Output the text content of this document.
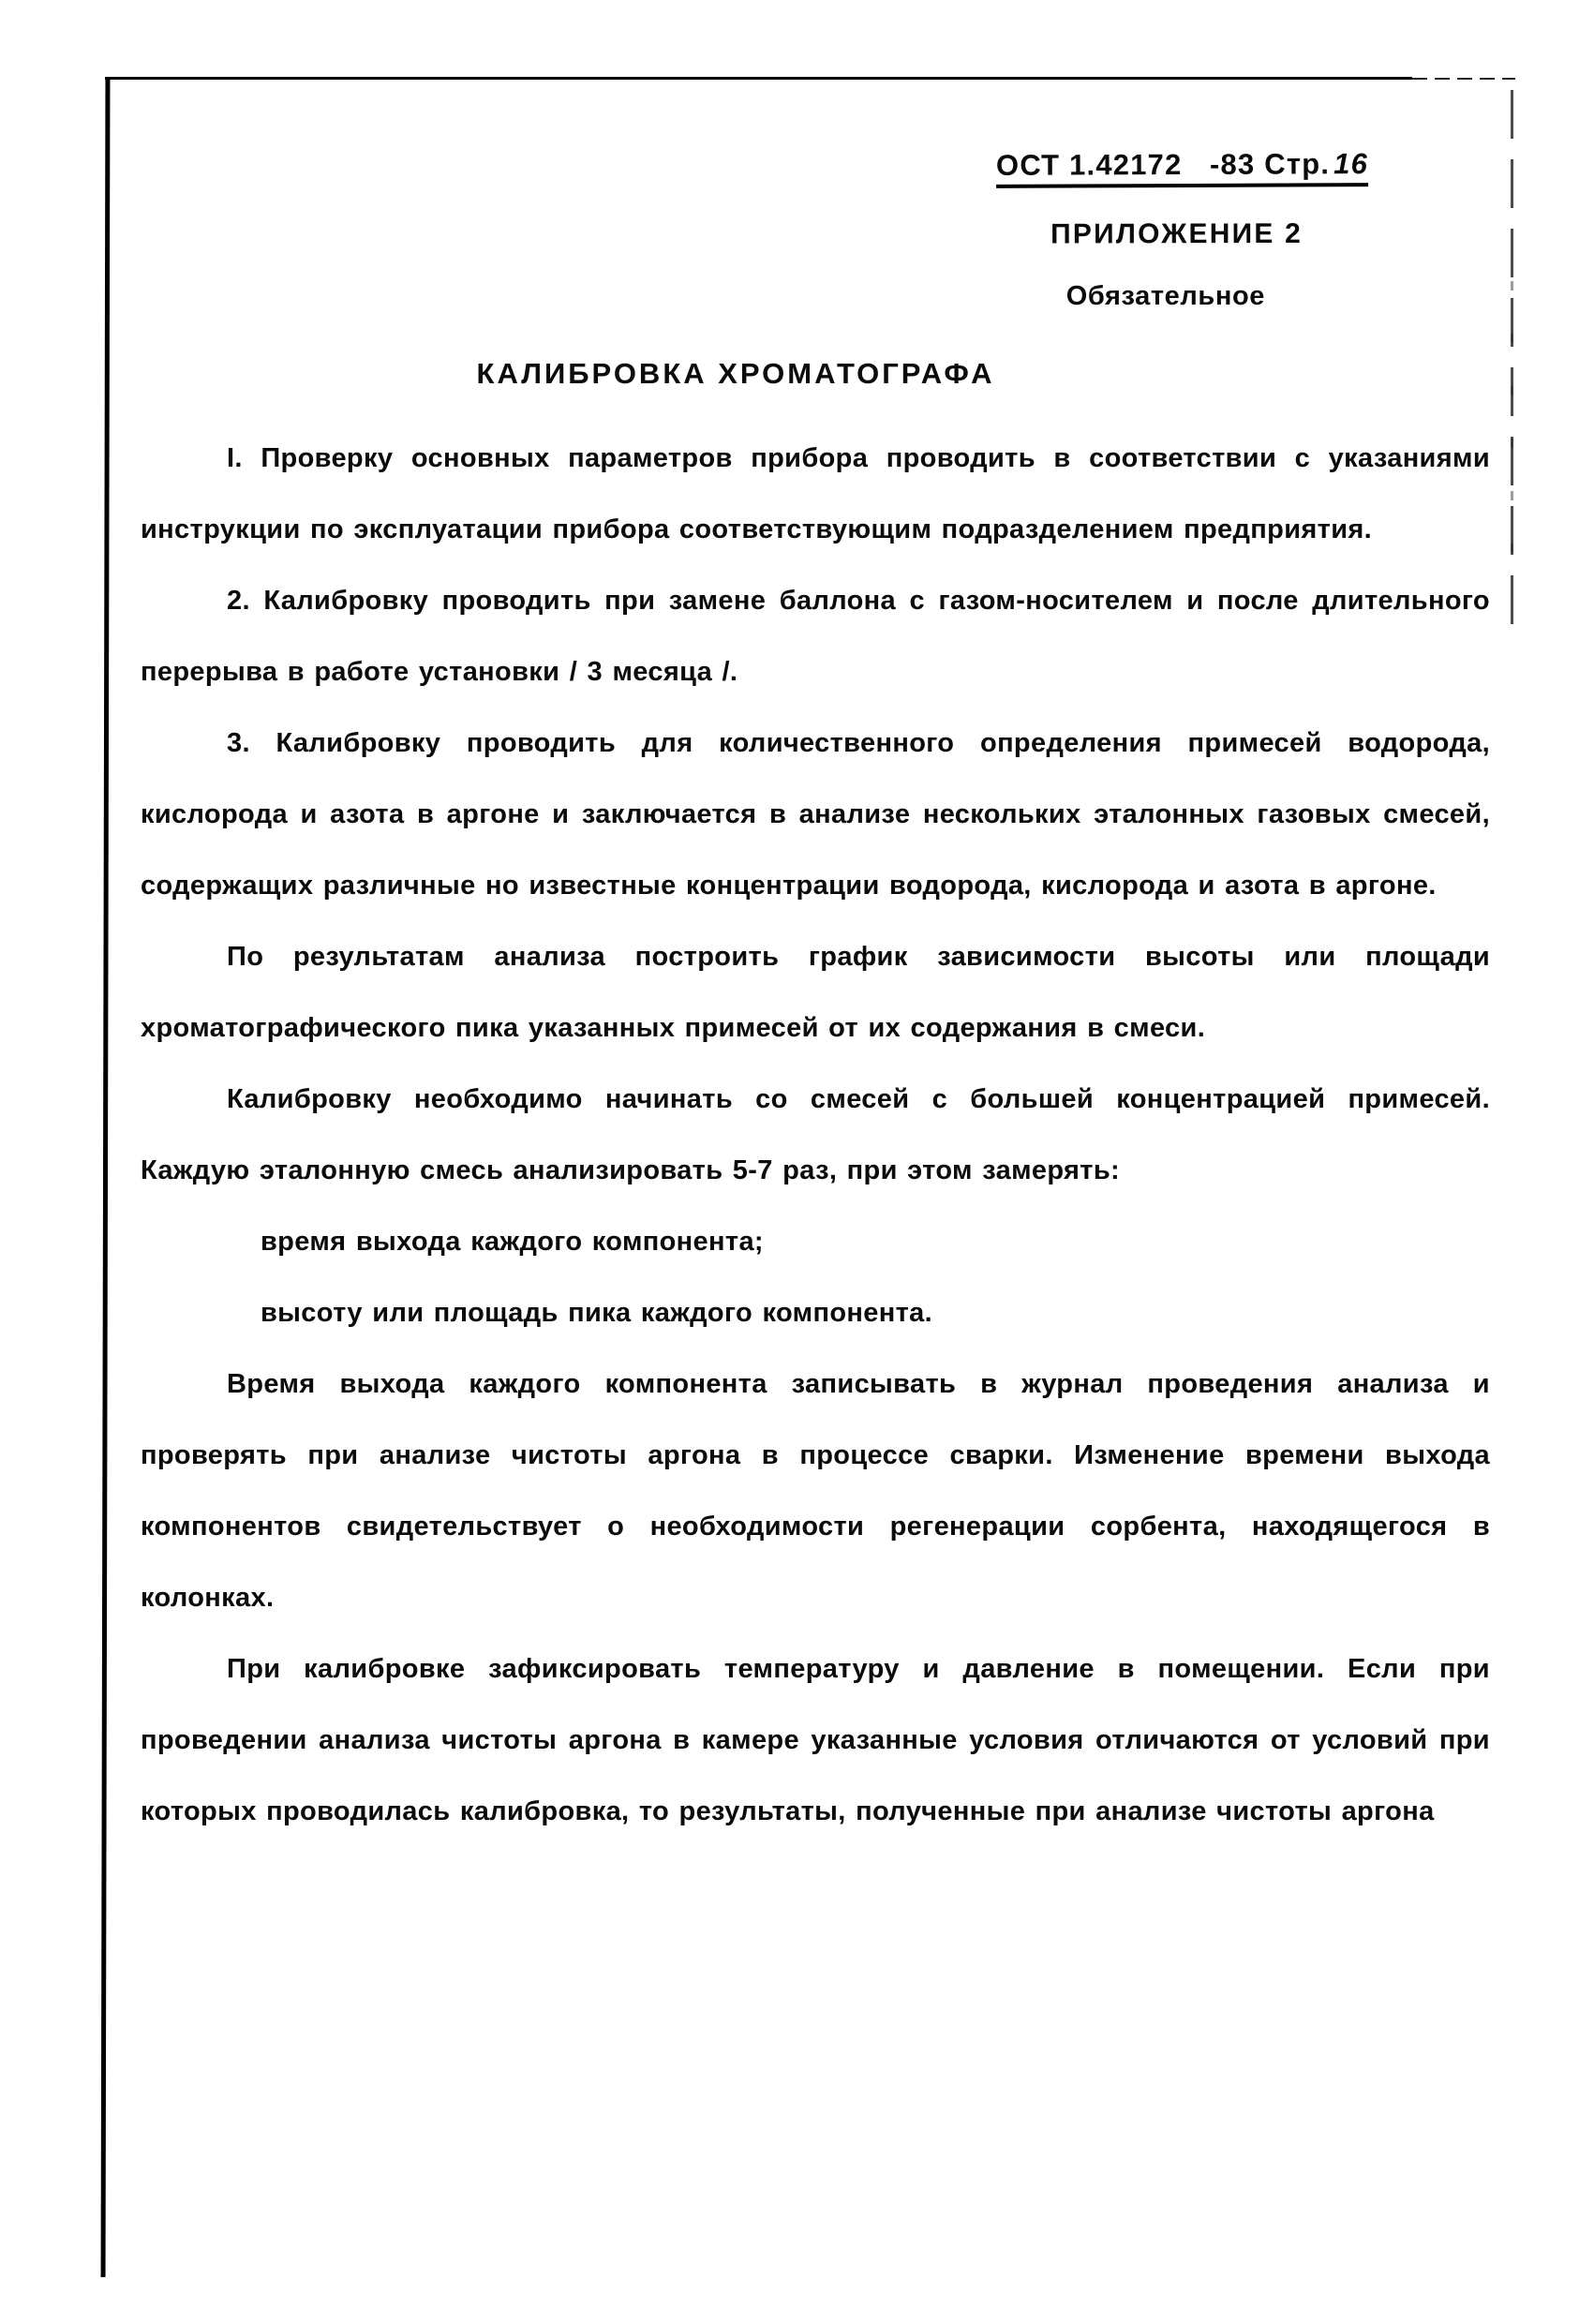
ОСТ 1.42172 -83 Стр. 16
ПРИЛОЖЕНИЕ 2
Обязательное
КАЛИБРОВКА ХРОМАТОГРАФА

I. Проверку основных параметров прибора проводить в соответствии с указаниями инструкции по эксплуатации прибора соответствующим подразделением предприятия.

2. Калибровку проводить при замене баллона с газом-носителем и после длительного перерыва в работе установки / 3 месяца /.

3. Калибровку проводить для количественного определения примесей водорода, кислорода и азота в аргоне и заключается в анализе нескольких эталонных газовых смесей, содержащих различные но известные концентрации водорода, кислорода и азота в аргоне.

По результатам анализа построить график зависимости высоты или площади хроматографического пика указанных примесей от их содержания в смеси.

Калибровку необходимо начинать со смесей с большей концентрацией примесей. Каждую эталонную смесь анализировать 5-7 раз, при этом замерять:

время выхода каждого компонента;

высоту или площадь пика каждого компонента.

Время выхода каждого компонента записывать в журнал проведения анализа и проверять при анализе чистоты аргона в процессе сварки. Изменение времени выхода компонентов свидетельствует о необходимости регенерации сорбента, находящегося в колонках.

При калибровке зафиксировать температуру и давление в помещении. Если при проведении анализа чистоты аргона в камере указанные условия отличаются от условий при которых проводилась калибровка, то результаты, полученные при анализе чистоты аргона
